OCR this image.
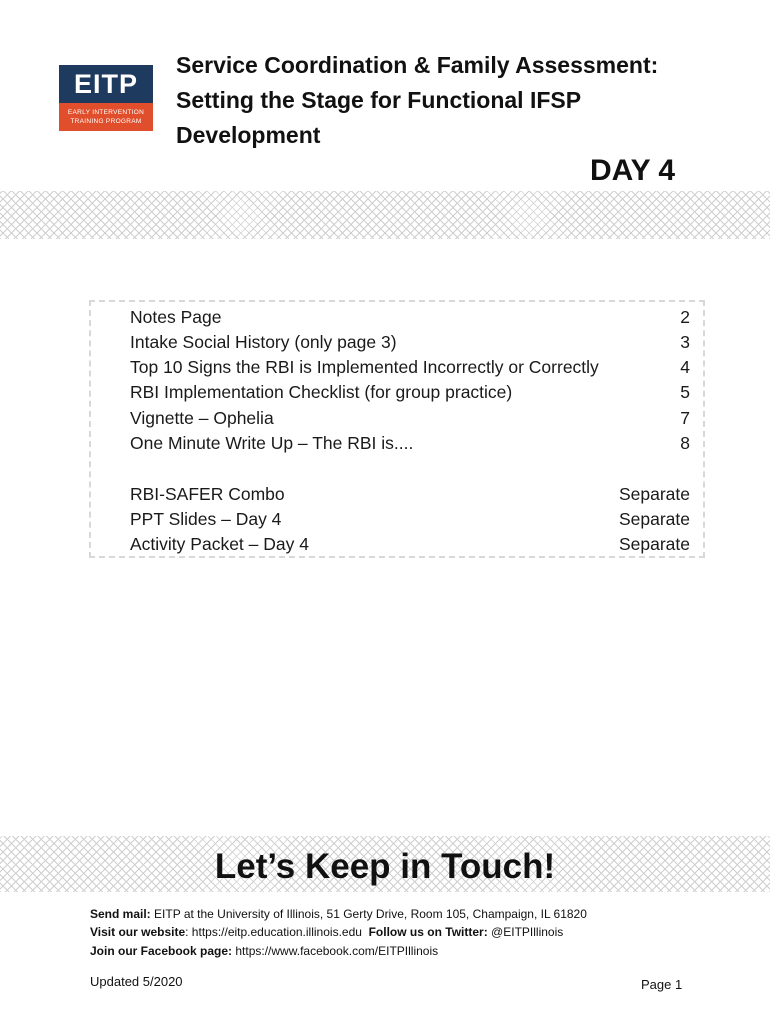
EITP
EARLY INTERVENTION
TRAINING PROGRAM
Service Coordination & Family Assessment:
Setting the Stage for Functional IFSP
Development
DAY 4
Notes Page	2
Intake Social History (only page 3)	3
Top 10 Signs the RBI is Implemented Incorrectly or Correctly	4
RBI Implementation Checklist (for group practice)	5
Vignette – Ophelia	7
One Minute Write Up – The RBI is....	8
RBI-SAFER Combo	Separate
PPT Slides – Day 4	Separate
Activity Packet – Day 4	Separate
Let’s Keep in Touch!
Send mail: EITP at the University of Illinois, 51 Gerty Drive, Room 105, Champaign, IL 61820
Visit our website: https://eitp.education.illinois.edu Follow us on Twitter: @EITPIllinois
Join our Facebook page: https://www.facebook.com/EITPIllinois
Updated 5/2020	Page 1
